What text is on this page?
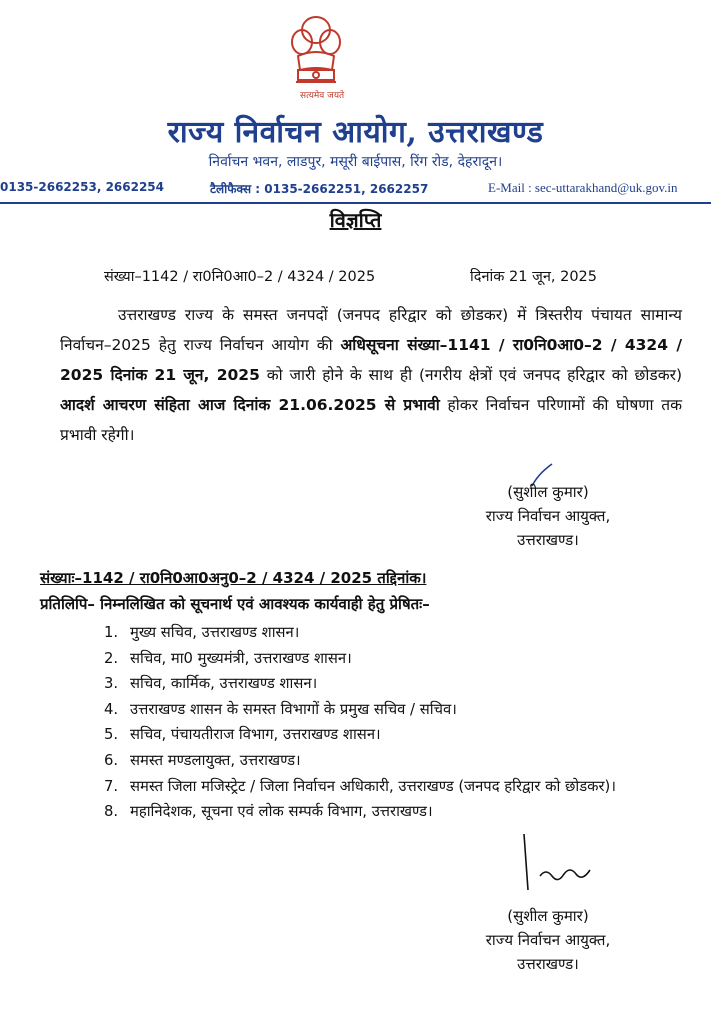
सत्यमेव जयते
राज्य निर्वाचन आयोग, उत्तराखण्ड
निर्वाचन भवन, लाडपुर, मसूरी बाईपास, रिंग रोड, देहरादून।
0135-2662253, 2662254	टैलीफैक्स : 0135-2662251, 2662257	E-Mail : sec-uttarakhand@uk.gov.in
विज्ञप्ति
संख्या–1142 / रा0नि0आ0–2 / 4324 / 2025	दिनांक 21 जून, 2025
उत्तराखण्ड राज्य के समस्त जनपदों (जनपद हरिद्वार को छोडकर) में त्रिस्तरीय पंचायत सामान्य निर्वाचन–2025 हेतु राज्य निर्वाचन आयोग की अधिसूचना संख्या–1141 / रा0नि0आ0–2 / 4324 / 2025 दिनांक 21 जून, 2025 को जारी होने के साथ ही (नगरीय क्षेत्रों एवं जनपद हरिद्वार को छोडकर) आदर्श आचरण संहिता आज दिनांक 21.06.2025 से प्रभावी होकर निर्वाचन परिणामों की घोषणा तक प्रभावी रहेगी।
(सुशील कुमार)
राज्य निर्वाचन आयुक्त,
उत्तराखण्ड।
संख्याः–1142 / रा0नि0आ0अनु0–2 / 4324 / 2025 तद्दिनांक।
प्रतिलिपि– निम्नलिखित को सूचनार्थ एवं आवश्यक कार्यवाही हेतु प्रेषितः–
1. मुख्य सचिव, उत्तराखण्ड शासन।
2. सचिव, मा0 मुख्यमंत्री, उत्तराखण्ड शासन।
3. सचिव, कार्मिक, उत्तराखण्ड शासन।
4. उत्तराखण्ड शासन के समस्त विभागों के प्रमुख सचिव / सचिव।
5. सचिव, पंचायतीराज विभाग, उत्तराखण्ड शासन।
6. समस्त मण्डलायुक्त, उत्तराखण्ड।
7. समस्त जिला मजिस्ट्रेट / जिला निर्वाचन अधिकारी, उत्तराखण्ड (जनपद हरिद्वार को छोडकर)।
8. महानिदेशक, सूचना एवं लोक सम्पर्क विभाग, उत्तराखण्ड।
(सुशील कुमार)
राज्य निर्वाचन आयुक्त,
उत्तराखण्ड।
